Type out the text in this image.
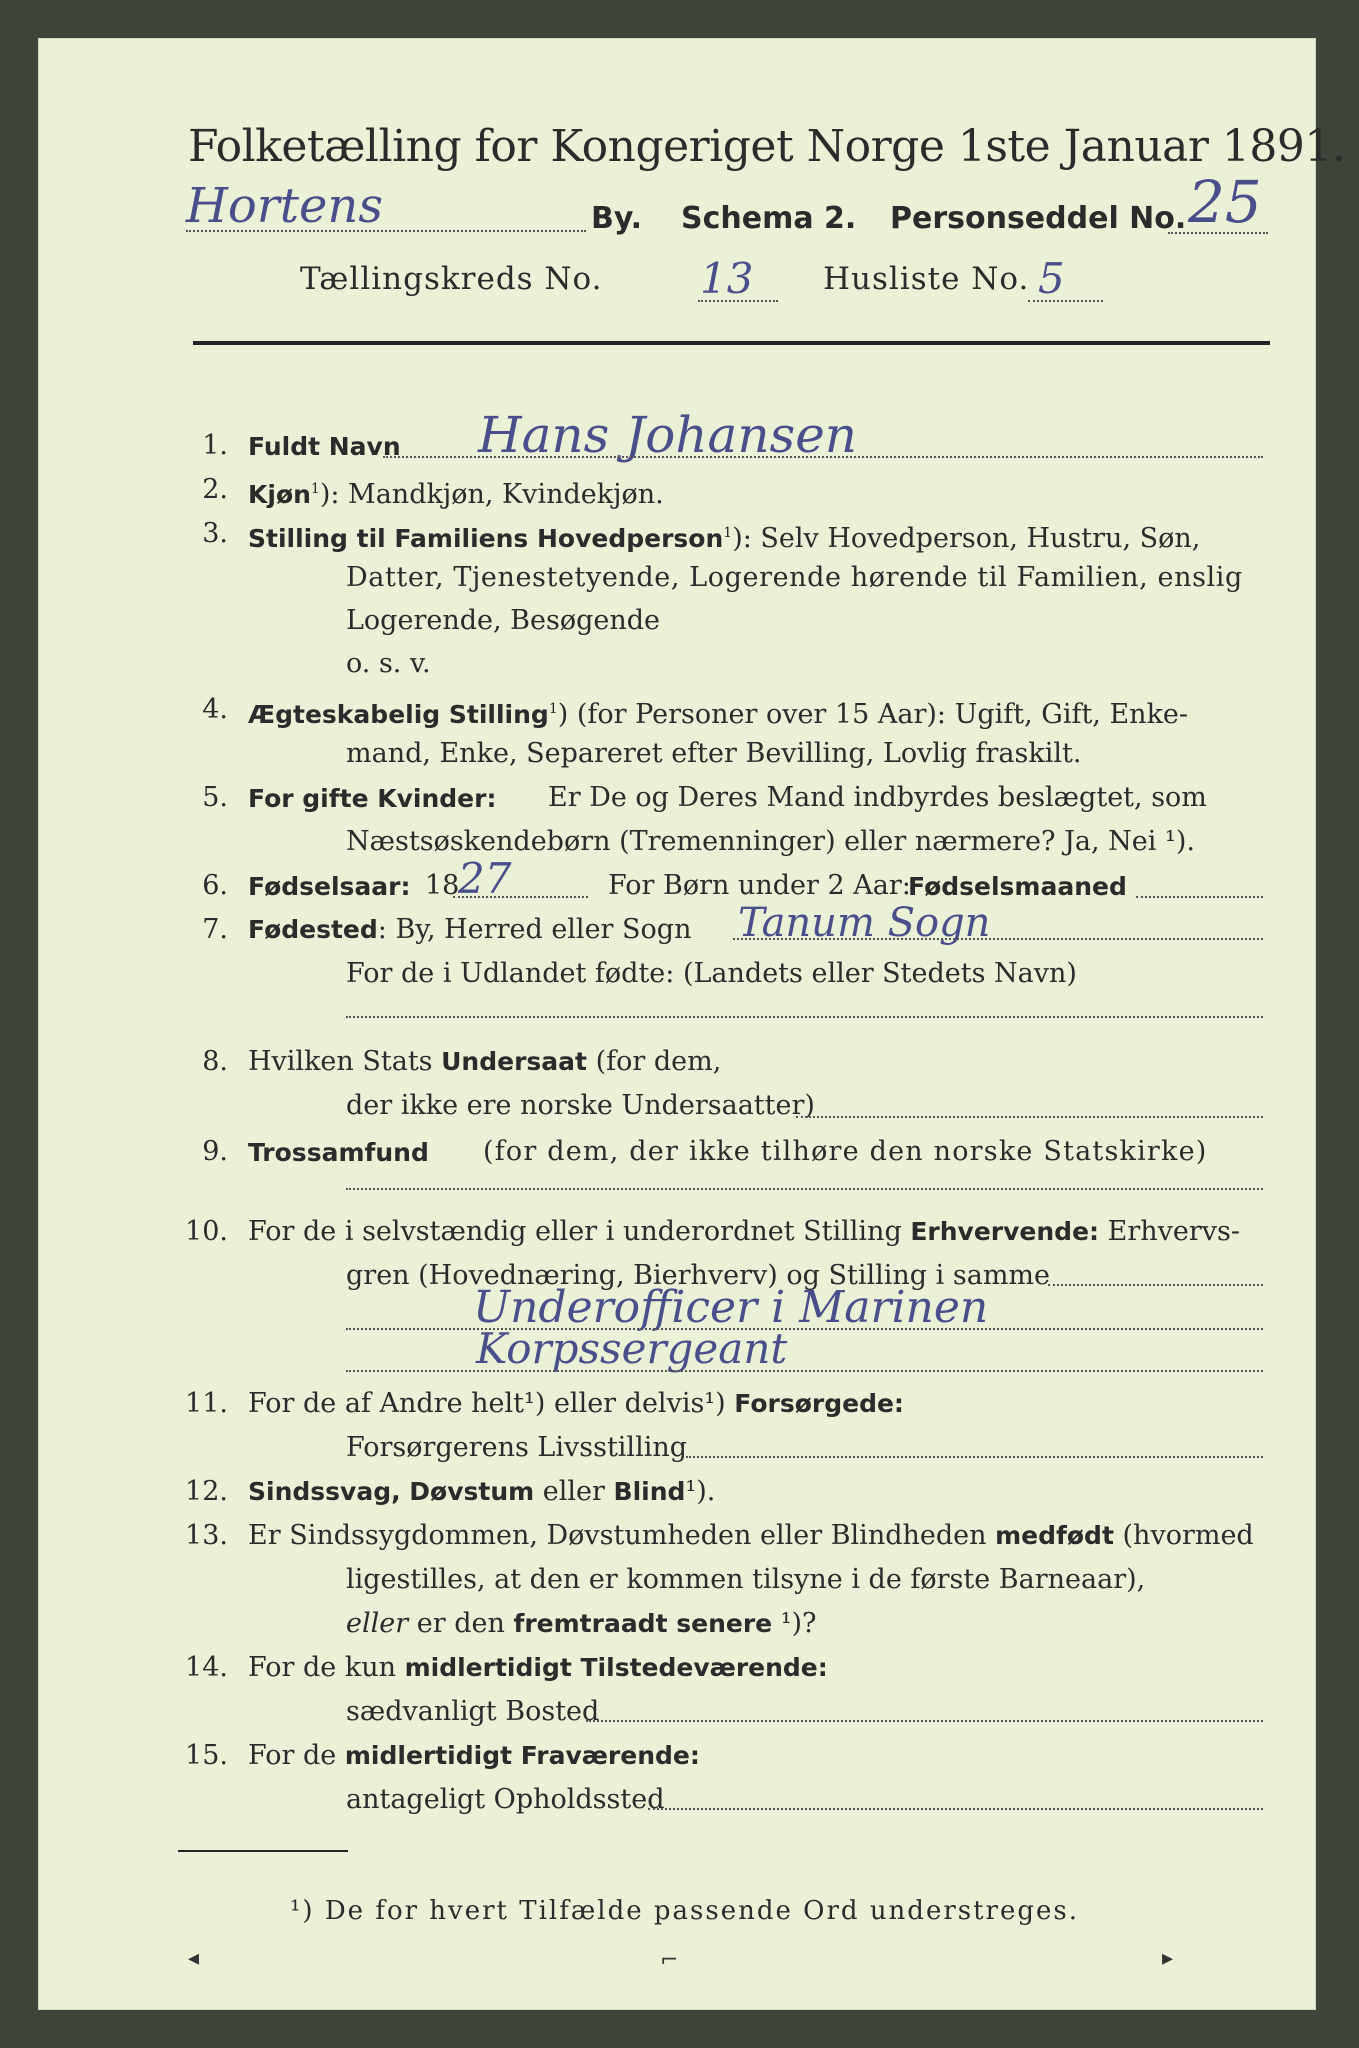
Folketælling for Kongeriget Norge 1ste Januar 1891.
Hortens	By. Schema 2. Personseddel No. 25
Tællingskreds No. 13 Husliste No. 5
1. Fuldt Navn Hans Johansen
2. Kjøn$^1$): Mandkjøn, Kvindekjøn.
3. Stilling til Familiens Hovedperson$^1$): Selv Hovedperson, Hustru, Søn,
Datter, Tjenestetyende, Logerende hørende til Familien, enslig
Logerende, Besøgende
o. s. v.
4. Ægteskabelig Stilling$^1$) (for Personer over 15 Aar): Ugift, Gift, Enke-
mand, Enke, Separeret efter Bevilling, Lovlig fraskilt.
5. For gifte Kvinder: Er De og Deres Mand indbyrdes beslægtet, som
Næstsøskendebørn (Tremenninger) eller nærmere? Ja, Nei ¹).
6. Fødselsaar: 18
27	For Børn under 2 Aar:
Fødselsmaaned
7. Fødested: By, Herred eller Sogn Tanum Sogn
For de i Udlandet fødte: (Landets eller Stedets Navn)
8. Hvilken Stats Undersaat (for dem,
der ikke ere norske Undersaatter)
9. Trossamfund (for dem, der ikke tilhøre den norske Statskirke)
10. For de i selvstændig eller i underordnet Stilling Erhvervende: Erhvervs-
gren (Hovednæring, Bierhverv) og Stilling i samme
Underofficer i Marinen
Korpssergeant
11. For de af Andre helt¹) eller delvis¹) Forsørgede:
Forsørgerens Livsstilling
12. Sindssvag, Døvstum eller Blind¹).
13. Er Sindssygdommen, Døvstumheden eller Blindheden medfødt (hvormed
ligestilles, at den er kommen tilsyne i de første Barneaar),
eller er den fremtraadt senere ¹)?
14. For de kun midlertidigt Tilstedeværende:
sædvanligt Bosted
15. For de midlertidigt Fraværende:
antageligt Opholdssted
¹) De for hvert Tilfælde passende Ord understreges.
◂	⌐	▸
